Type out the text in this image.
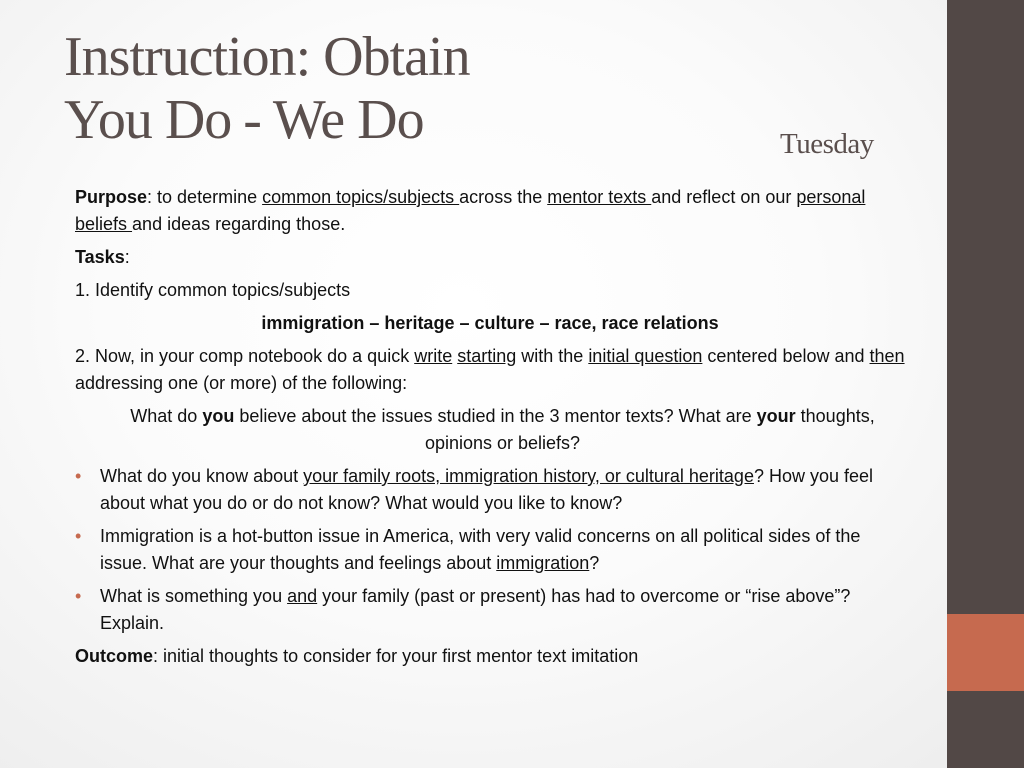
Instruction: Obtain
You Do - We Do	Tuesday

Purpose: to determine common topics/subjects across the mentor texts and reflect on our personal beliefs and ideas regarding those.

Tasks:

1. Identify common topics/subjects

immigration – heritage – culture – race, race relations

2. Now, in your comp notebook do a quick write starting with the initial question centered below and then addressing one (or more) of the following:

What do you believe about the issues studied in the 3 mentor texts? What are your thoughts, opinions or beliefs?

• What do you know about your family roots, immigration history, or cultural heritage? How you feel about what you do or do not know? What would you like to know?
• Immigration is a hot-button issue in America, with very valid concerns on all political sides of the issue. What are your thoughts and feelings about immigration?
• What is something you and your family (past or present) has had to overcome or “rise above”? Explain.

Outcome: initial thoughts to consider for your first mentor text imitation
